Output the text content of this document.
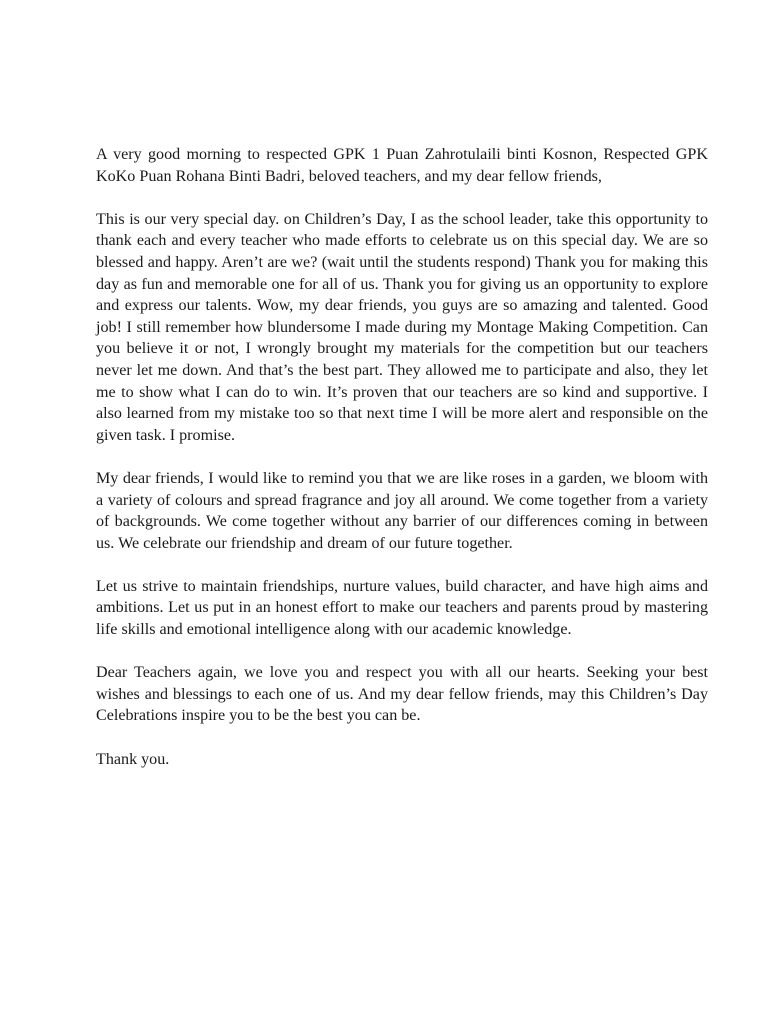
A very good morning to respected GPK 1 Puan Zahrotulaili binti Kosnon, Respected GPK KoKo Puan Rohana Binti Badri, beloved teachers, and my dear fellow friends,

This is our very special day. on Children’s Day, I as the school leader, take this opportunity to thank each and every teacher who made efforts to celebrate us on this special day. We are so blessed and happy. Aren’t are we? (wait until the students respond) Thank you for making this day as fun and memorable one for all of us. Thank you for giving us an opportunity to explore and express our talents. Wow, my dear friends, you guys are so amazing and talented. Good job! I still remember how blundersome I made during my Montage Making Competition. Can you believe it or not, I wrongly brought my materials for the competition but our teachers never let me down. And that’s the best part. They allowed me to participate and also, they let me to show what I can do to win. It’s proven that our teachers are so kind and supportive. I also learned from my mistake too so that next time I will be more alert and responsible on the given task. I promise.

My dear friends, I would like to remind you that we are like roses in a garden, we bloom with a variety of colours and spread fragrance and joy all around. We come together from a variety of backgrounds. We come together without any barrier of our differences coming in between us. We celebrate our friendship and dream of our future together.

Let us strive to maintain friendships, nurture values, build character, and have high aims and ambitions. Let us put in an honest effort to make our teachers and parents proud by mastering life skills and emotional intelligence along with our academic knowledge.

Dear Teachers again, we love you and respect you with all our hearts. Seeking your best wishes and blessings to each one of us. And my dear fellow friends, may this Children’s Day Celebrations inspire you to be the best you can be.

Thank you.
